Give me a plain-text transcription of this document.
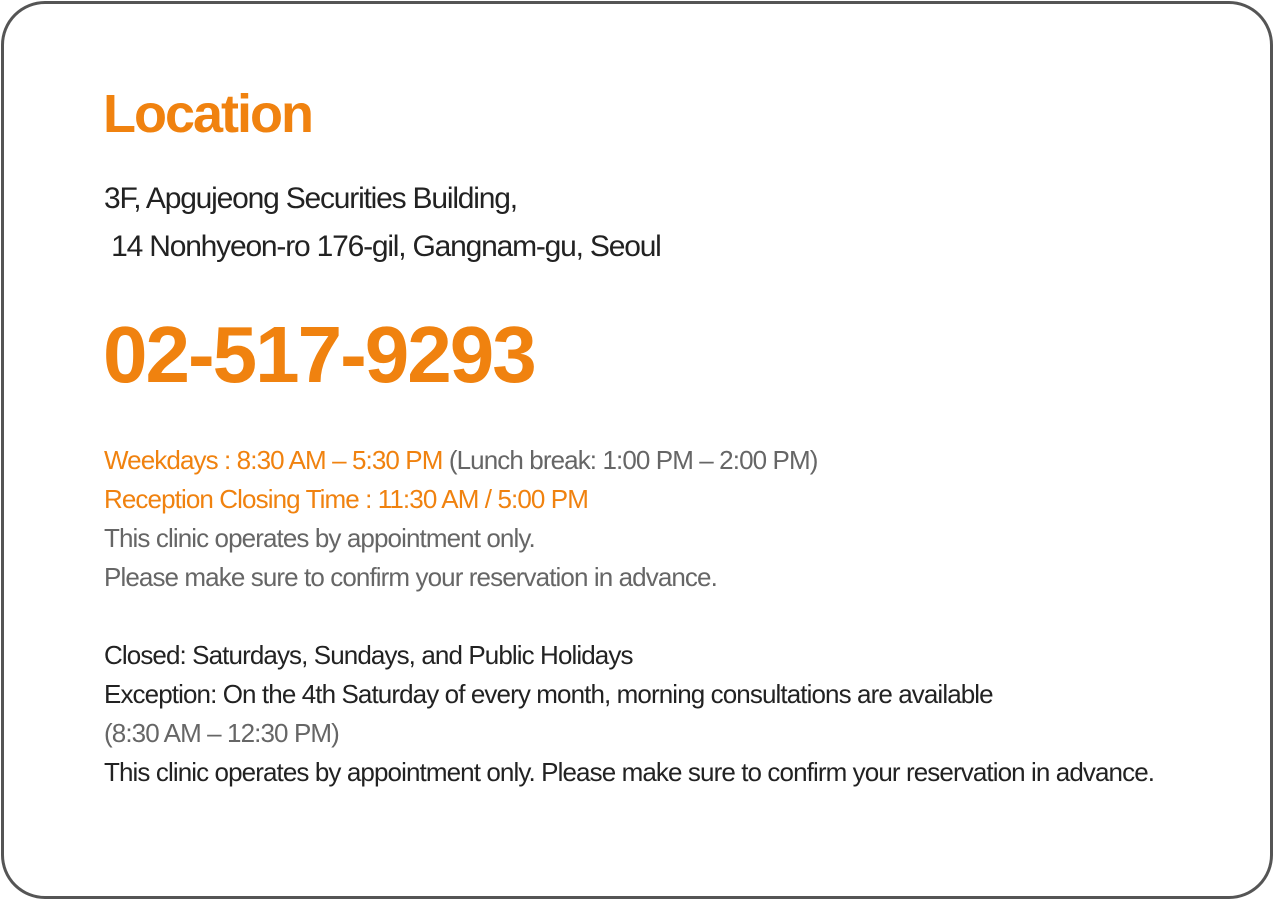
Location
3F, Apgujeong Securities Building,
14 Nonhyeon-ro 176-gil, Gangnam-gu, Seoul
02-517-9293
Weekdays : 8:30 AM – 5:30 PM (Lunch break: 1:00 PM – 2:00 PM)
Reception Closing Time : 11:30 AM / 5:00 PM
This clinic operates by appointment only.
Please make sure to confirm your reservation in advance.
Closed: Saturdays, Sundays, and Public Holidays
Exception: On the 4th Saturday of every month, morning consultations are available
(8:30 AM – 12:30 PM)
This clinic operates by appointment only. Please make sure to confirm your reservation in advance.
